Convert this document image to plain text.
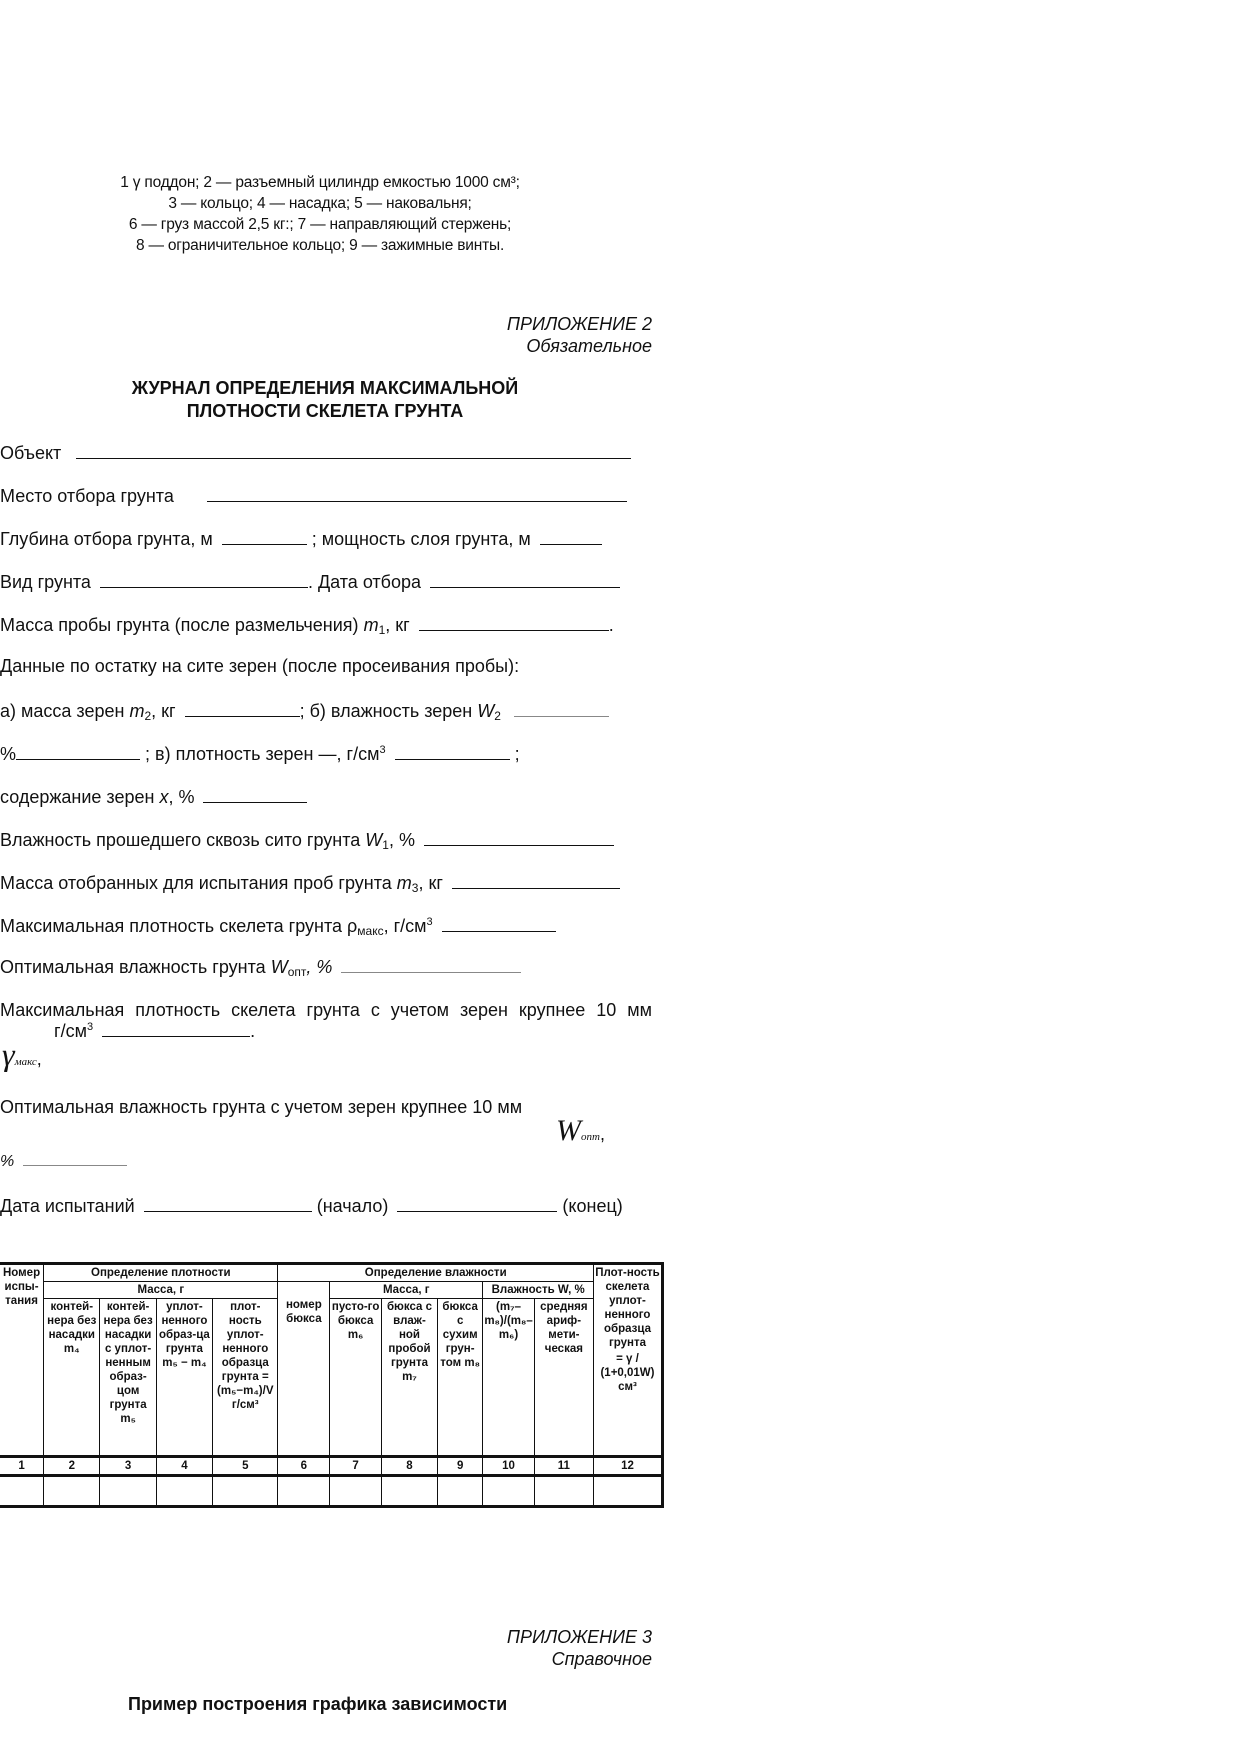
1 γ поддон; 2 — разъемный цилиндр емкостью 1000 см³;
3 — кольцо; 4 — насадка; 5 — наковальня;
6 — груз массой 2,5 кг:; 7 — направляющий стержень;
8 — ограничительное кольцо; 9 — зажимные винты.
ПРИЛОЖЕНИЕ 2
Обязательное
ЖУРНАЛ ОПРЕДЕЛЕНИЯ МАКСИМАЛЬНОЙ
ПЛОТНОСТИ СКЕЛЕТА ГРУНТА
Объект
Место отбора грунта
Глубина отбора грунта, м	; мощность слоя грунта, м
Вид грунта	. Дата отбора
Масса пробы грунта (после размельчения) m1, кг	.
Данные по остатку на сите зерен (после просеивания пробы):
а) масса зерен m2, кг	; б) влажность зерен W2
%	; в) плотность зерен —, $г/см^3$	;
содержание зерен x, %
Влажность прошедшего сквозь сито грунта W1, %
Масса отобранных для испытания проб грунта m3, кг
Максимальная плотность скелета грунта ρмакс, $г/см^3$
Оптимальная влажность грунта Wопт, %
Максимальная плотность скелета грунта с учетом зерен крупнее 10 мм
$г/см^3$	.
γмакс,
Оптимальная влажность грунта с учетом зерен крупнее 10 мм
Wопт,
%
Дата испытаний	(начало)	(конец)
Номер испы-тания	Определение плотности				Определение влажности						Плот-ность скелета уплот-ненного образца грунта
= γ / (1+0,01W) см³

	Масса, г				номер бюкса	Масса, г			Влажность W, %		
	контей-нера без насадки m₄	контей-нера без насадки с уплот-ненным образ-цом грунта m₅	уплот-ненного образ-ца грунта m₅ − m₄	плот-ность уплот-ненного образца грунта = (m₅−m₄)/V г/см³		пусто-го бюкса m₆	бюкса с влаж-ной пробой грунта m₇	бюкса с сухим грун-том m₈	(m₇–m₈)/(m₈–m₆)	средняя ариф-мети-ческая	
1	2	3	4	5	6	7	8	9	10	11	12

ПРИЛОЖЕНИЕ 3
Справочное
Пример построения графика зависимости
